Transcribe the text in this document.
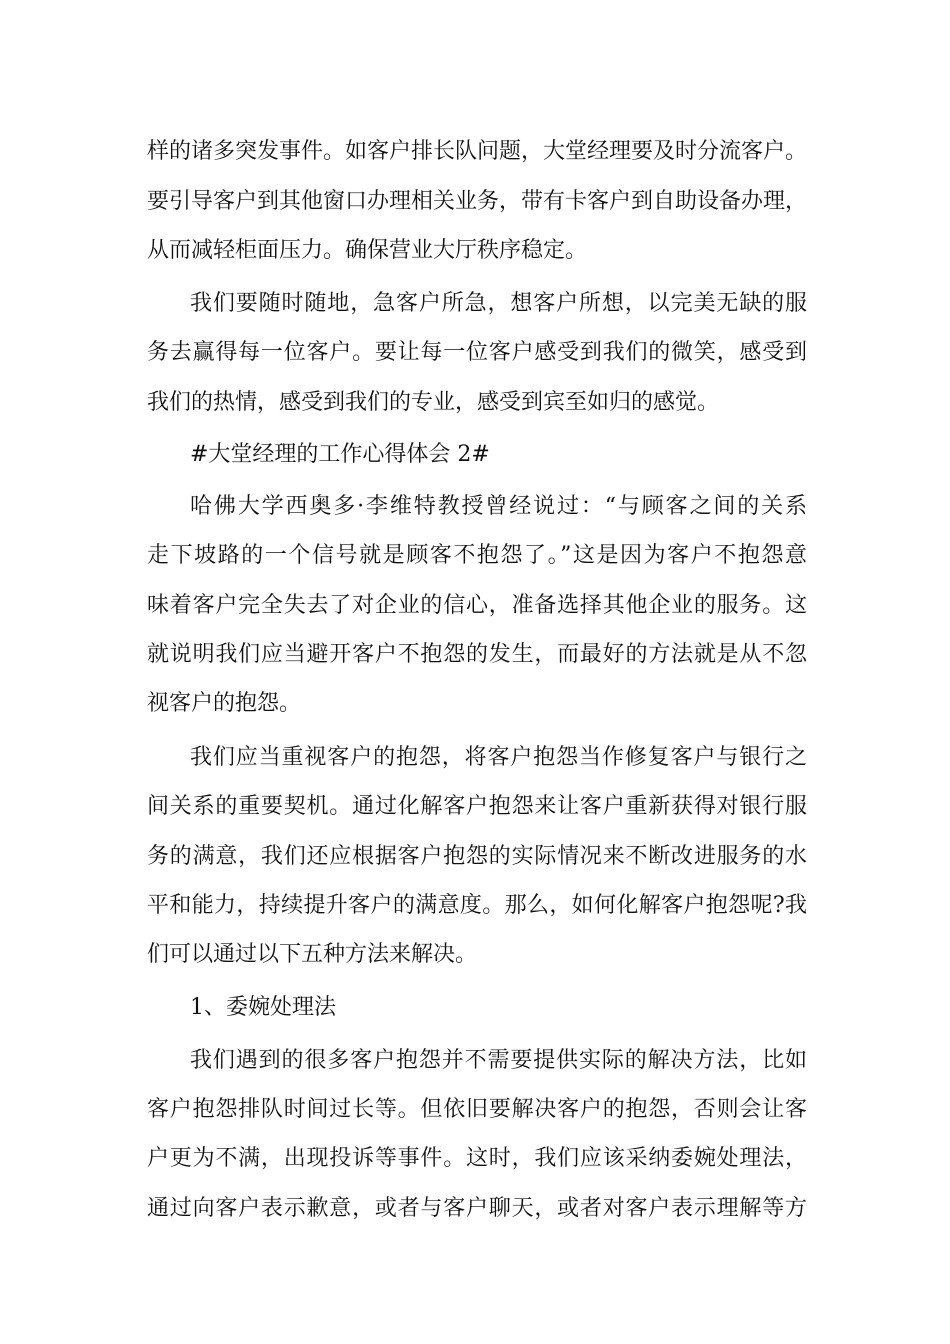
样的诸多突发事件。如客户排长队问题，大堂经理要及时分流客户。

要引导客户到其他窗口办理相关业务，带有卡客户到自助设备办理，

从而减轻柜面压力。确保营业大厅秩序稳定。

我们要随时随地，急客户所急，想客户所想，以完美无缺的服

务去赢得每一位客户。要让每一位客户感受到我们的微笑，感受到

我们的热情，感受到我们的专业，感受到宾至如归的感觉。

#大堂经理的工作心得体会 2#

哈佛大学西奥多·李维特教授曾经说过：“与顾客之间的关系

走下坡路的一个信号就是顾客不抱怨了。”这是因为客户不抱怨意

味着客户完全失去了对企业的信心，准备选择其他企业的服务。这

就说明我们应当避开客户不抱怨的发生，而最好的方法就是从不忽

视客户的抱怨。

我们应当重视客户的抱怨，将客户抱怨当作修复客户与银行之

间关系的重要契机。通过化解客户抱怨来让客户重新获得对银行服

务的满意，我们还应根据客户抱怨的实际情况来不断改进服务的水

平和能力，持续提升客户的满意度。那么，如何化解客户抱怨呢?我

们可以通过以下五种方法来解决。

1、委婉处理法

我们遇到的很多客户抱怨并不需要提供实际的解决方法，比如

客户抱怨排队时间过长等。但依旧要解决客户的抱怨，否则会让客

户更为不满，出现投诉等事件。这时，我们应该采纳委婉处理法，

通过向客户表示歉意，或者与客户聊天，或者对客户表示理解等方
